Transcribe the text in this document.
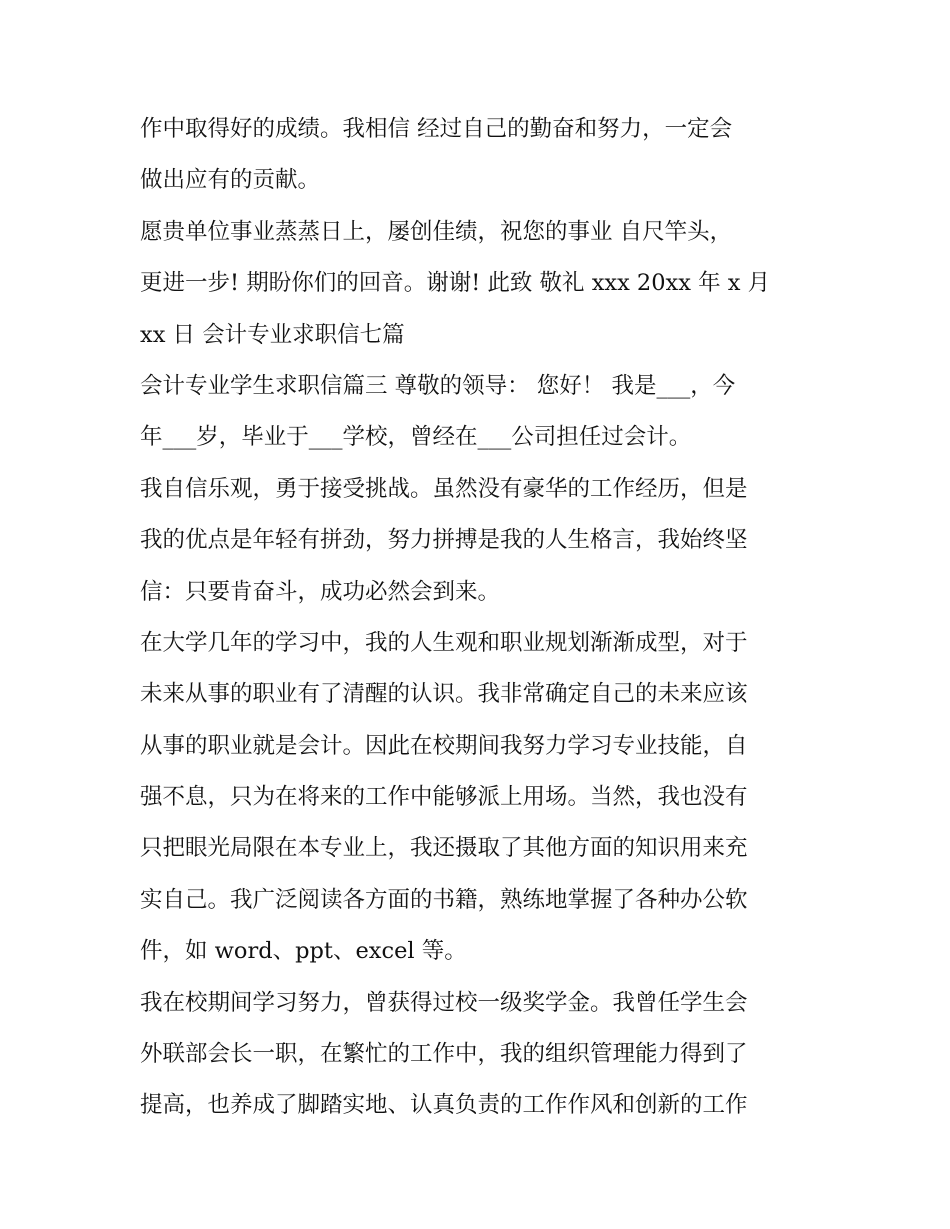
作中取得好的成绩。我相信 经过自己的勤奋和努力，一定会
做出应有的贡献。
愿贵单位事业蒸蒸日上，屡创佳绩，祝您的事业 自尺竿头，
更进一步! 期盼你们的回音。谢谢! 此致 敬礼 xxx 20xx 年 x 月
xx 日 会计专业求职信七篇
会计专业学生求职信篇三 尊敬的领导： 您好！ 我是___，今
年___岁，毕业于___学校，曾经在___公司担任过会计。
我自信乐观，勇于接受挑战。虽然没有豪华的工作经历，但是
我的优点是年轻有拼劲，努力拼搏是我的人生格言，我始终坚
信：只要肯奋斗，成功必然会到来。
在大学几年的学习中，我的人生观和职业规划渐渐成型，对于
未来从事的职业有了清醒的认识。我非常确定自己的未来应该
从事的职业就是会计。因此在校期间我努力学习专业技能，自
强不息，只为在将来的工作中能够派上用场。当然，我也没有
只把眼光局限在本专业上，我还摄取了其他方面的知识用来充
实自己。我广泛阅读各方面的书籍，熟练地掌握了各种办公软
件，如 word、ppt、excel 等。
我在校期间学习努力，曾获得过校一级奖学金。我曾任学生会
外联部会长一职，在繁忙的工作中，我的组织管理能力得到了
提高，也养成了脚踏实地、认真负责的工作作风和创新的工作
